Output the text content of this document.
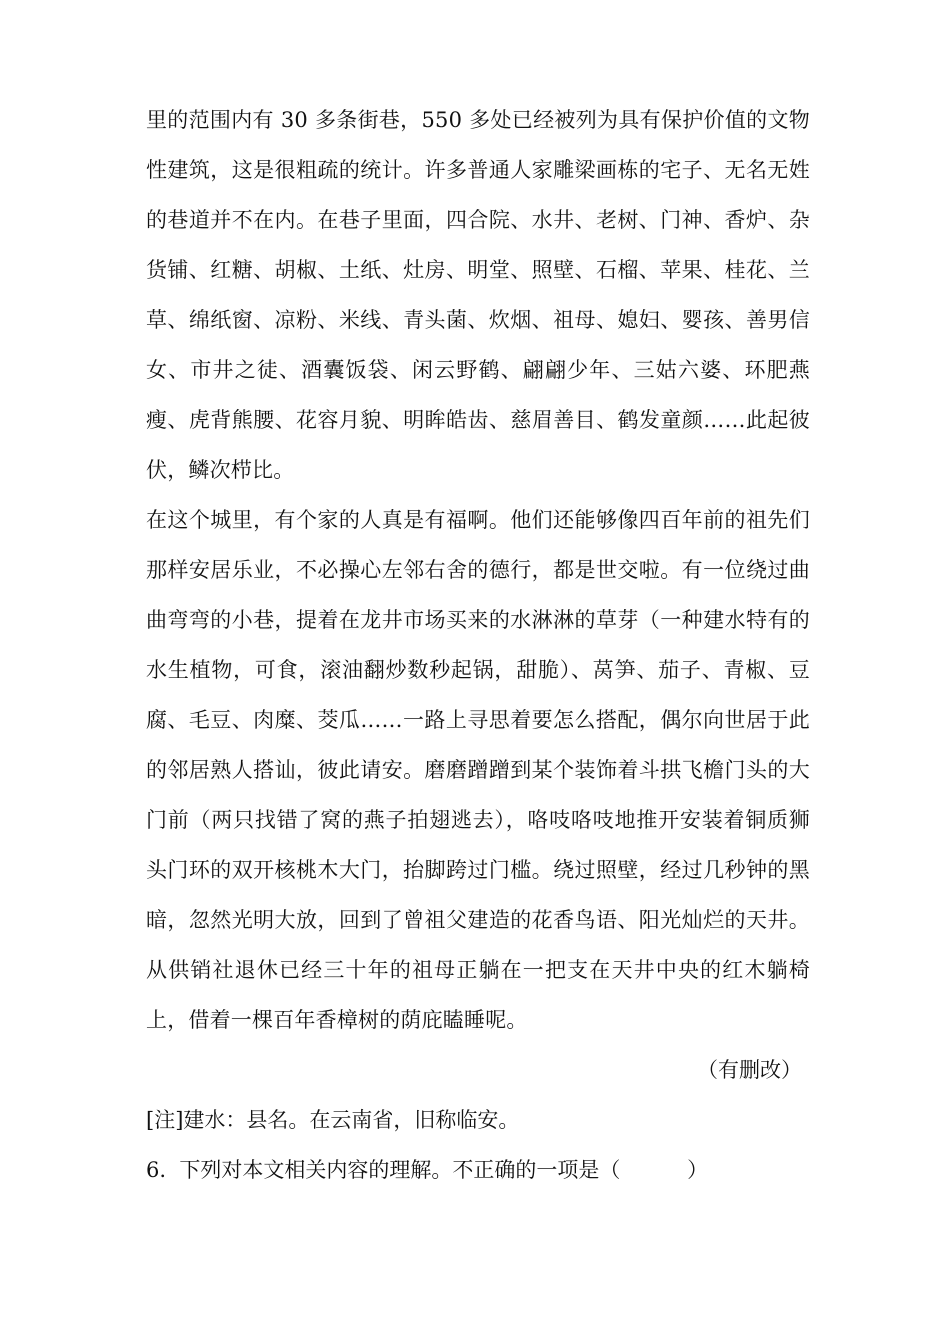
里的范围内有 30 多条街巷，550 多处已经被列为具有保护价值的文物性建筑，这是很粗疏的统计。许多普通人家雕梁画栋的宅子、无名无姓的巷道并不在内。在巷子里面，四合院、水井、老树、门神、香炉、杂货铺、红糖、胡椒、土纸、灶房、明堂、照壁、石榴、苹果、桂花、兰草、绵纸窗、凉粉、米线、青头菌、炊烟、祖母、媳妇、婴孩、善男信女、市井之徒、酒囊饭袋、闲云野鹤、翩翩少年、三姑六婆、环肥燕瘦、虎背熊腰、花容月貌、明眸皓齿、慈眉善目、鹤发童颜……此起彼伏，鳞次栉比。

在这个城里，有个家的人真是有福啊。他们还能够像四百年前的祖先们那样安居乐业，不必操心左邻右舍的德行，都是世交啦。有一位绕过曲曲弯弯的小巷，提着在龙井市场买来的水淋淋的草芽（一种建水特有的水生植物，可食，滚油翻炒数秒起锅，甜脆）、莴笋、茄子、青椒、豆腐、毛豆、肉糜、茭瓜……一路上寻思着要怎么搭配，偶尔向世居于此的邻居熟人搭讪，彼此请安。磨磨蹭蹭到某个装饰着斗拱飞檐门头的大门前（两只找错了窝的燕子拍翅逃去），咯吱咯吱地推开安装着铜质狮头门环的双开核桃木大门，抬脚跨过门槛。绕过照壁，经过几秒钟的黑暗，忽然光明大放，回到了曾祖父建造的花香鸟语、阳光灿烂的天井。从供销社退休已经三十年的祖母正躺在一把支在天井中央的红木躺椅上，借着一棵百年香樟树的荫庇瞌睡呢。

（有删改）

[注]建水：县名。在云南省，旧称临安。

6.  下列对本文相关内容的理解。不正确的一项是（          ）
